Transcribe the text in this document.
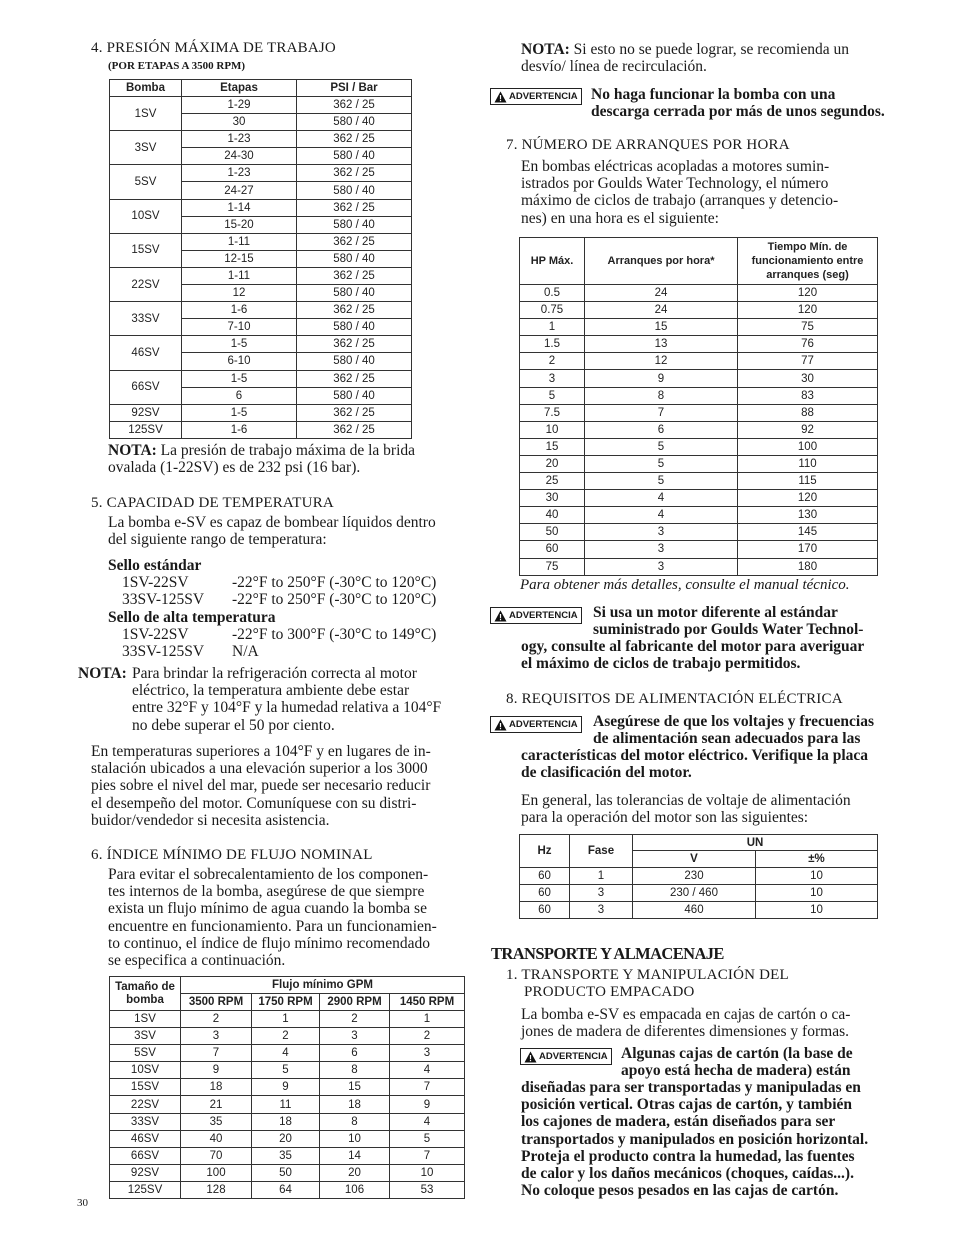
4. PRESIÓN MÁXIMA DE TRABAJO
(POR ETAPAS A 3500 RPM)
Bomba	Etapas	PSI / Bar
1SV	1-29	362 / 25
	30	580 / 40
3SV	1-23	362 / 25
	24-30	580 / 40
5SV	1-23	362 / 25
	24-27	580 / 40
10SV	1-14	362 / 25
	15-20	580 / 40
15SV	1-11	362 / 25
	12-15	580 / 40
22SV	1-11	362 / 25
	12	580 / 40
33SV	1-6	362 / 25
	7-10	580 / 40
46SV	1-5	362 / 25
	6-10	580 / 40
66SV	1-5	362 / 25
	6	580 / 40
92SV	1-5	362 / 25
125SV	1-6	362 / 25
NOTA: La presión de trabajo máxima de la brida
ovalada (1-22SV) es de 232 psi (16 bar).
5. CAPACIDAD DE TEMPERATURA
La bomba e-SV es capaz de bombear líquidos dentro
del siguiente rango de temperatura:
Sello estándar
1SV-22SV	-22°F to 250°F (-30°C to 120°C)
33SV-125SV -22°F to 250°F (-30°C to 120°C)
Sello de alta temperatura
1SV-22SV	-22°F to 300°F (-30°C to 149°C)
33SV-125SV N/A
NOTA: Para brindar la refrigeración correcta al motor
eléctrico, la temperatura ambiente debe estar
entre 32°F y 104°F y la humedad relativa a 104°F
no debe superar el 50 por ciento.
En temperaturas superiores a 104°F y en lugares de in-
stalación ubicados a una elevación superior a los 3000
pies sobre el nivel del mar, puede ser necesario reducir
el desempeño del motor. Comuníquese con su distri-
buidor/vendedor si necesita asistencia.
6. ÍNDICE MÍNIMO DE FLUJO NOMINAL
Para evitar el sobrecalentamiento de los componen-
tes internos de la bomba, asegúrese de que siempre
exista un flujo mínimo de agua cuando la bomba se
encuentre en funcionamiento. Para un funcionamien-
to continuo, el índice de flujo mínimo recomendado
se especifica a continuación.
Tamaño de bomba	Flujo mínimo GPM			
	3500 RPM	1750 RPM	2900 RPM	1450 RPM
1SV	2	1	2	1
3SV	3	2	3	2
5SV	7	4	6	3
10SV	9	5	8	4
15SV	18	9	15	7
22SV	21	11	18	9
33SV	35	18	8	4
46SV	40	20	10	5
66SV	70	35	14	7
92SV	100	50	20	10
125SV	128	64	106	53
30
NOTA: Si esto no se puede lograr, se recomienda un
desvío/ línea de recirculación.
ADVERTENCIA No haga funcionar la bomba con una
descarga cerrada por más de unos segundos.
7. NÚMERO DE ARRANQUES POR HORA
En bombas eléctricas acopladas a motores sumin-
istrados por Goulds Water Technology, el número
máximo de ciclos de trabajo (arranques y detencio-
nes) en una hora es el siguiente:
HP Máx.	Arranques por hora*	Tiempo Mín. de funcionamiento entre arranques (seg)
0.5	24	120
0.75	24	120
1	15	75
1.5	13	76
2	12	77
3	9	30
5	8	83
7.5	7	88
10	6	92
15	5	100
20	5	110
25	5	115
30	4	120
40	4	130
50	3	145
60	3	170
75	3	180
Para obtener más detalles, consulte el manual técnico.
ADVERTENCIA Si usa un motor diferente al estándar
suministrado por Goulds Water Technol-
ogy, consulte al fabricante del motor para averiguar
el máximo de ciclos de trabajo permitidos.
8. REQUISITOS DE ALIMENTACIÓN ELÉCTRICA
ADVERTENCIA Asegúrese de que los voltajes y frecuencias
de alimentación sean adecuados para las
características del motor eléctrico. Verifique la placa
de clasificación del motor.
En general, las tolerancias de voltaje de alimentación
para la operación del motor son las siguientes:
Hz	Fase	UN	
		V	±%
60	1	230	10
60	3	230 / 460	10
60	3	460	10
TRANSPORTE Y ALMACENAJE
1. TRANSPORTE Y MANIPULACIÓN DEL
PRODUCTO EMPACADO
La bomba e-SV es empacada en cajas de cartón o ca-
jones de madera de diferentes dimensiones y formas.
ADVERTENCIA Algunas cajas de cartón (la base de
apoyo está hecha de madera) están
diseñadas para ser transportadas y manipuladas en
posición vertical. Otras cajas de cartón, y también
los cajones de madera, están diseñados para ser
transportados y manipulados en posición horizontal.
Proteja el producto contra la humedad, las fuentes
de calor y los daños mecánicos (choques, caídas...).
No coloque pesos pesados en las cajas de cartón.
